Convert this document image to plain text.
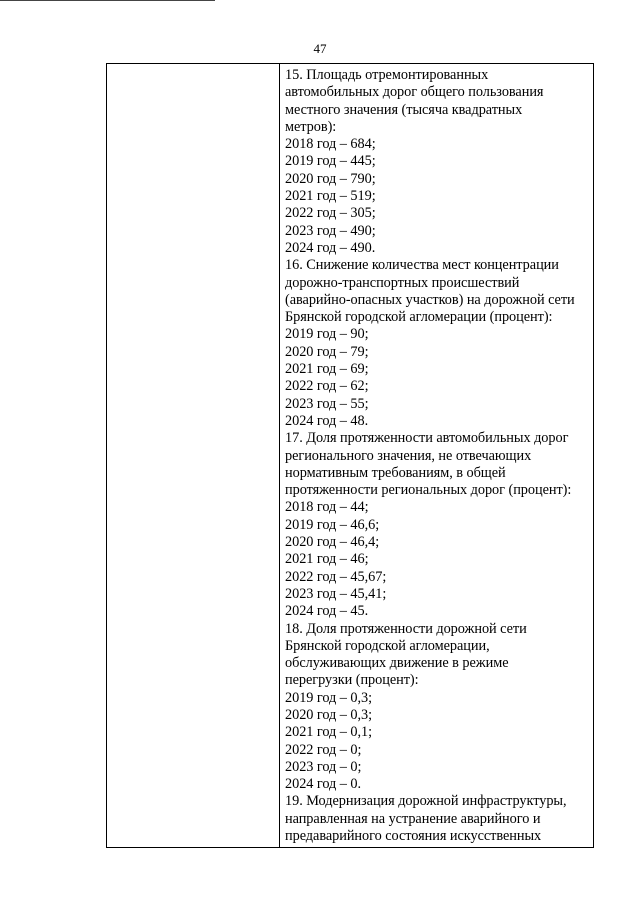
47
15. Площадь отремонтированных
автомобильных дорог общего пользования
местного значения (тысяча квадратных
метров):
2018 год – 684;
2019 год – 445;
2020 год – 790;
2021 год – 519;
2022 год – 305;
2023 год – 490;
2024 год – 490.
16. Снижение количества мест концентрации
дорожно-транспортных происшествий
(аварийно-опасных участков) на дорожной сети
Брянской городской агломерации (процент):
2019 год – 90;
2020 год – 79;
2021 год – 69;
2022 год – 62;
2023 год – 55;
2024 год – 48.
17. Доля протяженности автомобильных дорог
регионального значения, не отвечающих
нормативным требованиям, в общей
протяженности региональных дорог (процент):
2018 год – 44;
2019 год – 46,6;
2020 год – 46,4;
2021 год – 46;
2022 год – 45,67;
2023 год – 45,41;
2024 год – 45.
18. Доля протяженности дорожной сети
Брянской городской агломерации,
обслуживающих движение в режиме
перегрузки (процент):
2019 год – 0,3;
2020 год – 0,3;
2021 год – 0,1;
2022 год – 0;
2023 год – 0;
2024 год – 0.
19. Модернизация дорожной инфраструктуры,
направленная на устранение аварийного и
предаварийного состояния искусственных
